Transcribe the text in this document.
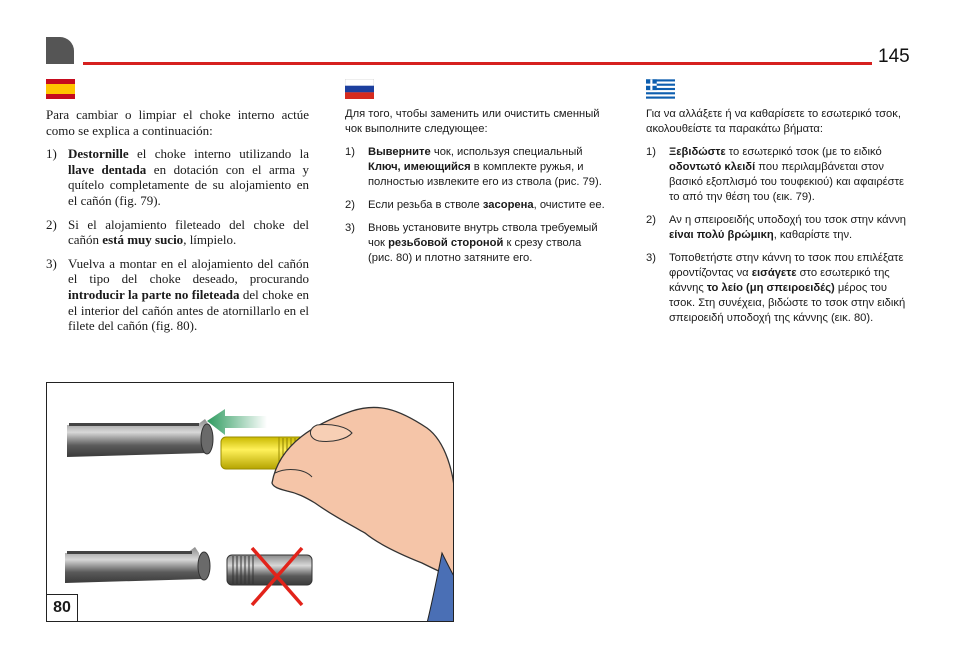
145

Para cambiar o limpiar el choke interno actúe como se explica a continuación:

1) Destornille el choke interno utilizando la llave dentada en dotación con el arma y quítelo completamente de su alojamiento en el cañón (fig. 79).
2) Si el alojamiento fileteado del choke del cañón está muy sucio, límpielo.
3) Vuelva a montar en el alojamiento del cañón el tipo del choke deseado, procurando introducir la parte no fileteada del choke en el interior del cañón antes de atornillarlo en el filete del cañón (fig. 80).

Для того, чтобы заменить или очистить сменный чок выполните следующее:

1) Выверните чок, используя специальный Ключ, имеющийся в комплекте ружья, и полностью извлеките его из ствола (рис. 79).
2) Если резьба в стволе засорена, очистите ее.
3) Вновь установите внутрь ствола требуемый чок резьбовой стороной к срезу ствола (рис. 80) и плотно затяните его.

Για να αλλάξετε ή να καθαρίσετε το εσωτερικό τσοκ, ακολουθείστε τα παρακάτω βήματα:

1) Ξεβιδώστε το εσωτερικό τσοκ (με το ειδικό οδοντωτό κλειδί που περιλαμβάνεται στον βασικό εξοπλισμό του τουφεκιού) και αφαιρέστε το από την θέση του (εικ. 79).
2) Αν η σπειροειδής υποδοχή του τσοκ στην κάννη είναι πολύ βρώμικη, καθαρίστε την.
3) Τοποθετήστε στην κάννη το τσοκ που επιλέξατε φροντίζοντας να εισάγετε στο εσωτερικό της κάννης το λείο (μη σπειροειδές) μέρος του τσοκ. Στη συνέχεια, βιδώστε το τσοκ στην ειδική σπειροειδή υποδοχή της κάννης (εικ. 80).
80
